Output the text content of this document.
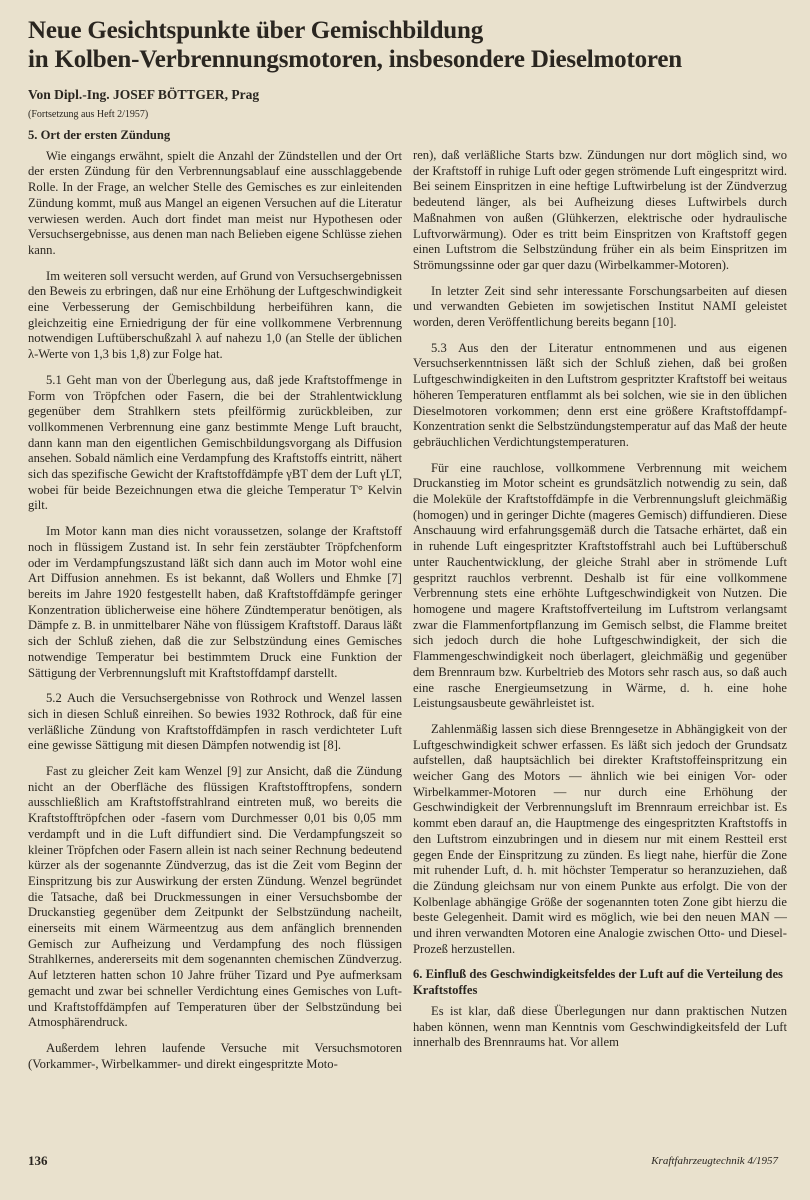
Neue Gesichtspunkte über Gemischbildung
in Kolben-Verbrennungsmotoren, insbesondere Dieselmotoren
Von Dipl.-Ing. JOSEF BÖTTGER, Prag
(Fortsetzung aus Heft 2/1957)
5. Ort der ersten Zündung

Wie eingangs erwähnt, spielt die Anzahl der Zündstellen und der Ort der ersten Zündung für den Verbrennungsablauf eine ausschlaggebende Rolle. In der Frage, an welcher Stelle des Gemisches es zur einleitenden Zündung kommt, muß aus Mangel an eigenen Versuchen auf die Literatur verwiesen werden. Auch dort findet man meist nur Hypothesen oder Versuchsergebnisse, aus denen man nach Belieben eigene Schlüsse ziehen kann.

Im weiteren soll versucht werden, auf Grund von Versuchsergebnissen den Beweis zu erbringen, daß nur eine Erhöhung der Luftgeschwindigkeit eine Verbesserung der Gemischbildung herbeiführen kann, die gleichzeitig eine Erniedrigung der für eine vollkommene Verbrennung notwendigen Luftüberschußzahl λ auf nahezu 1,0 (an Stelle der üblichen λ-Werte von 1,3 bis 1,8) zur Folge hat.

5.1 Geht man von der Überlegung aus, daß jede Kraftstoffmenge in Form von Tröpfchen oder Fasern, die bei der Strahlentwicklung gegenüber dem Strahlkern stets pfeilförmig zurückbleiben, zur vollkommenen Verbrennung eine ganz bestimmte Menge Luft braucht, dann kann man den eigentlichen Gemischbildungsvorgang als Diffusion ansehen. Sobald nämlich eine Verdampfung des Kraftstoffs eintritt, nähert sich das spezifische Gewicht der Kraftstoffdämpfe γBT dem der Luft γLT, wobei für beide Bezeichnungen etwa die gleiche Temperatur T° Kelvin gilt.

Im Motor kann man dies nicht voraussetzen, solange der Kraftstoff noch in flüssigem Zustand ist. In sehr fein zerstäubter Tröpfchenform oder im Verdampfungszustand läßt sich dann auch im Motor wohl eine Art Diffusion annehmen. Es ist bekannt, daß Wollers und Ehmke [7] bereits im Jahre 1920 festgestellt haben, daß Kraftstoffdämpfe geringer Konzentration üblicherweise eine höhere Zündtemperatur benötigen, als Dämpfe z. B. in unmittelbarer Nähe von flüssigem Kraftstoff. Daraus läßt sich der Schluß ziehen, daß die zur Selbstzündung eines Gemisches notwendige Temperatur bei bestimmtem Druck eine Funktion der Sättigung der Verbrennungsluft mit Kraftstoffdampf darstellt.

5.2 Auch die Versuchsergebnisse von Rothrock und Wenzel lassen sich in diesen Schluß einreihen. So bewies 1932 Rothrock, daß für eine verläßliche Zündung von Kraftstoffdämpfen in rasch verdichteter Luft eine gewisse Sättigung mit diesen Dämpfen notwendig ist [8].

Fast zu gleicher Zeit kam Wenzel [9] zur Ansicht, daß die Zündung nicht an der Oberfläche des flüssigen Kraftstofftropfens, sondern ausschließlich am Kraftstoffstrahlrand eintreten muß, wo bereits die Kraftstofftröpfchen oder -fasern vom Durchmesser 0,01 bis 0,05 mm verdampft und in die Luft diffundiert sind. Die Verdampfungszeit so kleiner Tröpfchen oder Fasern allein ist nach seiner Rechnung bedeutend kürzer als der sogenannte Zündverzug, das ist die Zeit vom Beginn der Einspritzung bis zur Auswirkung der ersten Zündung. Wenzel begründet die Tatsache, daß bei Druckmessungen in einer Versuchsbombe der Druckanstieg gegenüber dem Zeitpunkt der Selbstzündung nacheilt, einerseits mit einem Wärmeentzug aus dem anfänglich brennenden Gemisch zur Aufheizung und Verdampfung des noch flüssigen Strahlkernes, andererseits mit dem sogenannten chemischen Zündverzug. Auf letzteren hatten schon 10 Jahre früher Tizard und Pye aufmerksam gemacht und zwar bei schneller Verdichtung eines Gemisches von Luft- und Kraftstoffdämpfen auf Temperaturen über der Selbstzündung bei Atmosphärendruck.

Außerdem lehren laufende Versuche mit Versuchsmotoren (Vorkammer-, Wirbelkammer- und direkt eingespritzte Moto-

ren), daß verläßliche Starts bzw. Zündungen nur dort möglich sind, wo der Kraftstoff in ruhige Luft oder gegen strömende Luft eingespritzt wird. Bei seinem Einspritzen in eine heftige Luftwirbelung ist der Zündverzug bedeutend länger, als bei Aufheizung dieses Luftwirbels durch Maßnahmen von außen (Glühkerzen, elektrische oder hydraulische Luftvorwärmung). Oder es tritt beim Einspritzen von Kraftstoff gegen einen Luftstrom die Selbstzündung früher ein als beim Einspritzen im Strömungssinne oder gar quer dazu (Wirbelkammer-Motoren).

In letzter Zeit sind sehr interessante Forschungsarbeiten auf diesen und verwandten Gebieten im sowjetischen Institut NAMI geleistet worden, deren Veröffentlichung bereits begann [10].

5.3 Aus den der Literatur entnommenen und aus eigenen Versuchserkenntnissen läßt sich der Schluß ziehen, daß bei großen Luftgeschwindigkeiten in den Luftstrom gespritzter Kraftstoff bei weitaus höheren Temperaturen entflammt als bei solchen, wie sie in den üblichen Dieselmotoren vorkommen; denn erst eine größere Kraftstoffdampf-Konzentration senkt die Selbstzündungstemperatur auf das Maß der heute gebräuchlichen Verdichtungstemperaturen.

Für eine rauchlose, vollkommene Verbrennung mit weichem Druckanstieg im Motor scheint es grundsätzlich notwendig zu sein, daß die Moleküle der Kraftstoffdämpfe in die Verbrennungsluft gleichmäßig (homogen) und in geringer Dichte (mageres Gemisch) diffundieren. Diese Anschauung wird erfahrungsgemäß durch die Tatsache erhärtet, daß ein in ruhende Luft eingespritzter Kraftstoffstrahl auch bei Luftüberschuß unter Rauchentwicklung, der gleiche Strahl aber in strömende Luft gespritzt rauchlos verbrennt. Deshalb ist für eine vollkommene Verbrennung stets eine erhöhte Luftgeschwindigkeit von Nutzen. Die homogene und magere Kraftstoffverteilung im Luftstrom verlangsamt zwar die Flammenfortpflanzung im Gemisch selbst, die Flamme breitet sich jedoch durch die hohe Luftgeschwindigkeit, der sich die Flammengeschwindigkeit noch überlagert, gleichmäßig und gegenüber dem Brennraum bzw. Kurbeltrieb des Motors sehr rasch aus, so daß auch eine rasche Energieumsetzung in Wärme, d. h. eine hohe Leistungsausbeute gewährleistet ist.

Zahlenmäßig lassen sich diese Brenngesetze in Abhängigkeit von der Luftgeschwindigkeit schwer erfassen. Es läßt sich jedoch der Grundsatz aufstellen, daß hauptsächlich bei direkter Kraftstoffeinspritzung ein weicher Gang des Motors — ähnlich wie bei einigen Vor- oder Wirbelkammer-Motoren — nur durch eine Erhöhung der Geschwindigkeit der Verbrennungsluft im Brennraum erreichbar ist. Es kommt eben darauf an, die Hauptmenge des eingespritzten Kraftstoffs in den Luftstrom einzubringen und in diesem nur mit einem Restteil erst gegen Ende der Einspritzung zu zünden. Es liegt nahe, hierfür die Zone mit ruhender Luft, d. h. mit höchster Temperatur so heranzuziehen, daß die Zündung gleichsam nur von einem Punkte aus erfolgt. Die von der Kolbenlage abhängige Größe der sogenannten toten Zone gibt hierzu die beste Gelegenheit. Damit wird es möglich, wie bei den neuen MAN — und ihren verwandten Motoren eine Analogie zwischen Otto- und Diesel-Prozeß herzustellen.

6. Einfluß des Geschwindigkeitsfeldes der Luft auf die Verteilung des Kraftstoffes

Es ist klar, daß diese Überlegungen nur dann praktischen Nutzen haben können, wenn man Kenntnis vom Geschwindigkeitsfeld der Luft innerhalb des Brennraums hat. Vor allem

136	Kraftfahrzeugtechnik 4/1957
